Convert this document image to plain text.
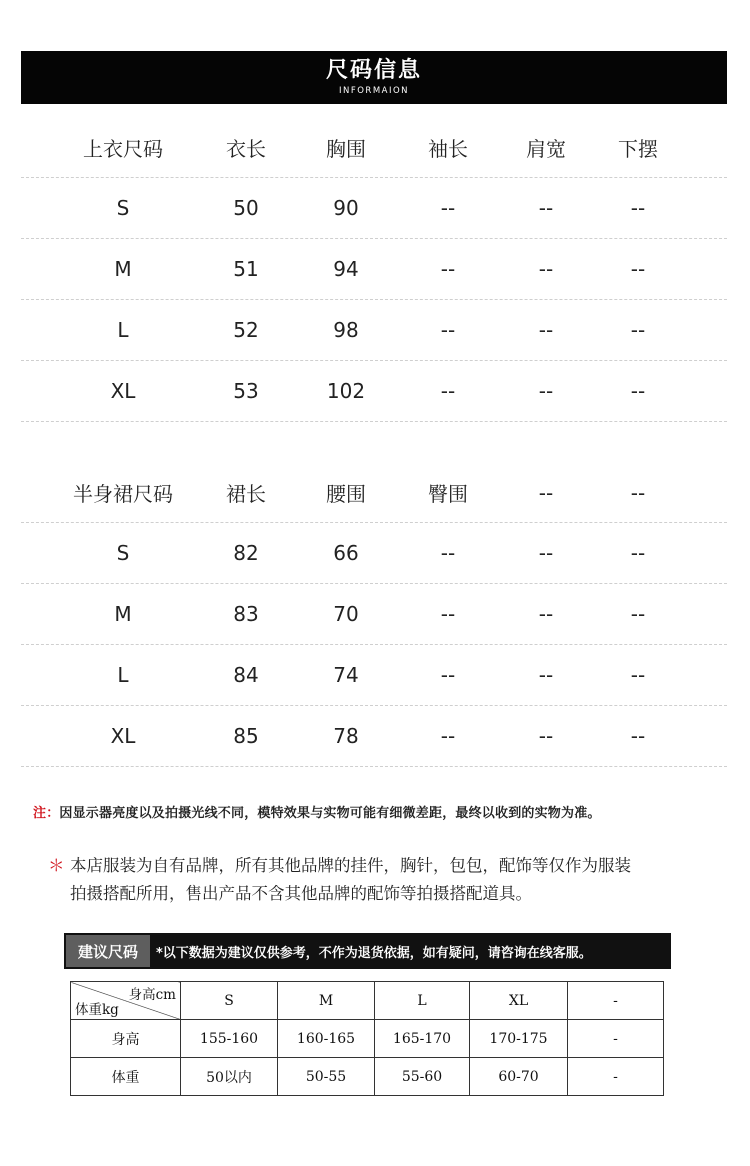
尺码信息
INFORMAION
上衣尺码	衣长	胸围	袖长	肩宽	下摆
S	50	90	--	--	--
M	51	94	--	--	--
L	52	98	--	--	--
XL	53	102	--	--	--
半身裙尺码	裙长	腰围	臀围	--	--
S	82	66	--	--	--
M	83	70	--	--	--
L	84	74	--	--	--
XL	85	78	--	--	--
注：因显示器亮度以及拍摄光线不同，模特效果与实物可能有细微差距，最终以收到的实物为准。
＊ 本店服装为自有品牌，所有其他品牌的挂件，胸针，包包，配饰等仅作为服装
拍摄搭配所用，售出产品不含其他品牌的配饰等拍摄搭配道具。
建议尺码	*以下数据为建议仅供参考，不作为退货依据，如有疑问，请咨询在线客服。
身高cm
体重kg	S	M	L	XL	-
身高	155-160	160-165	165-170	170-175	-
体重	50以内	50-55	55-60	60-70	-
